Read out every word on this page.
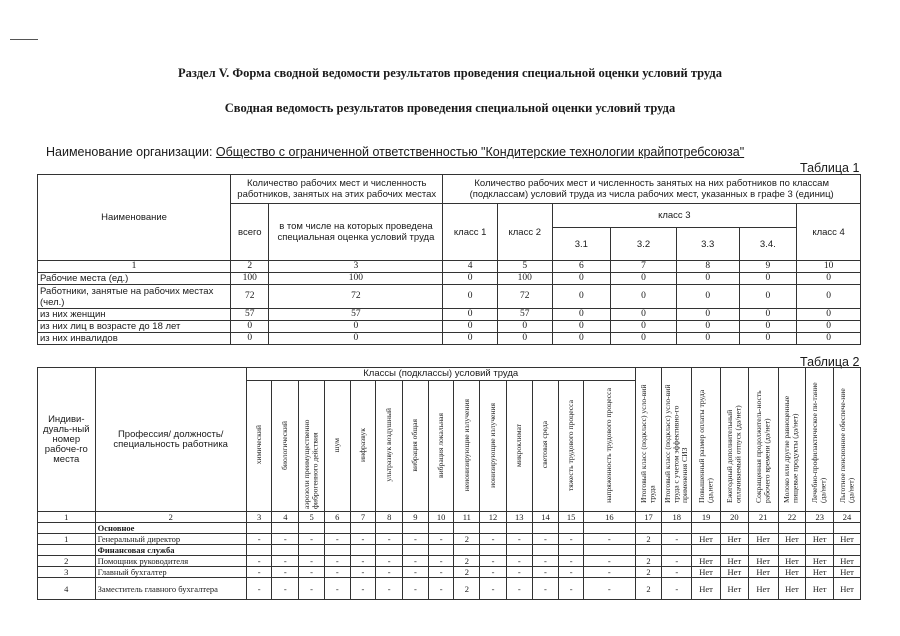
Раздел V. Форма сводной ведомости результатов проведения специальной оценки условий труда
Сводная ведомость результатов проведения специальной оценки условий труда
Наименование организации: Общество с ограниченной ответственностью "Кондитерские технологии крайпотребсоюза"
Таблица 1
Наименование	Количество рабочих мест и численность работников, занятых на этих рабочих местах		Количество рабочих мест и численность занятых на них работников по классам (подклассам) условий труда из числа рабочих мест, указанных в графе 3 (единиц)						
	всего	в том числе на которых проведена специальная оценка условий труда	класс 1	класс 2	класс 3				класс 4
					3.1	3.2	3.3	3.4.	
1	2	3	4	5	6	7	8	9	10
Рабочие места (ед.)	100	100	0	100	0	0	0	0	0
Работники, занятые на рабочих местах (чел.)	72	72	0	72	0	0	0	0	0
из них женщин	57	57	0	57	0	0	0	0	0
из них лиц в возрасте до 18 лет	0	0	0	0	0	0	0	0	0
из них инвалидов	0	0	0	0	0	0	0	0	0
Таблица 2
Индиви-дуаль-ный номер рабоче-го места	Профессия/ должность/ специальность работника	Классы (подклассы) условий труда														Итоговый класс (подкласс) усло-вий труда	Итоговый класс (подкласс) усло-вий труда с учетом эффективно-го применения СИЗ	Повышенный размер оплаты труда (да,нет)	Ежегодный дополнительный оплачиваемый отпуск (да/нет)	Сокращенная продолжитель-ность рабочего времени (да/нет)	Молоко или другие равноценные пищевые продукты (да/нет)	Лечебно-профилактическое пи-тание (да/нет)	Льготное пенсионное обеспече-ние (да/нет)
		химический	биологический	аэрозоли преимущественно фиброгенного действия	шум	инфразвук	ультразвук воздушный	вибрация общая	вибрация локальная	неионизирующие излучения	ионизирующие излучения	микроклимат	световая среда	тяжесть трудового процесса	напряженность трудового процесса								
1	2	3	4	5	6	7	8	9	10	11	12	13	14	15	16	17	18	19	20	21	22	23	24
	Основное																						
1	Генеральный директор	-	-	-	-	-	-	-	-	2	-	-	-	-	-	2	-	Нет	Нет	Нет	Нет	Нет	Нет
	Финансовая служба																						
2	Помощник руководителя	-	-	-	-	-	-	-	-	2	-	-	-	-	-	2	-	Нет	Нет	Нет	Нет	Нет	Нет
3	Главный бухгалтер	-	-	-	-	-	-	-	-	2	-	-	-	-	-	2	-	Нет	Нет	Нет	Нет	Нет	Нет
4	Заместитель главного бухгалтера	-	-	-	-	-	-	-	-	2	-	-	-	-	-	2	-	Нет	Нет	Нет	Нет	Нет	Нет
